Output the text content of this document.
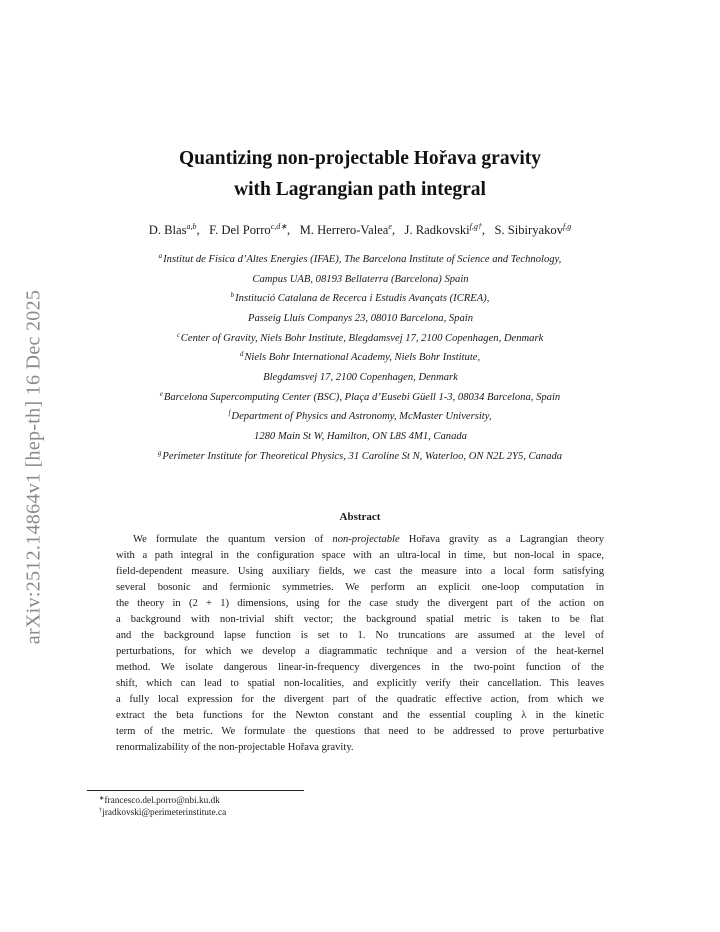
arXiv:2512.14864v1 [hep-th] 16 Dec 2025
Quantizing non-projectable Hořava gravity
with Lagrangian path integral
D. Blas$^{a,b}$,   F. Del Porro$^{c,d∗}$,   M. Herrero-Valea$^e$,   J. Radkovski$^{f,g\dagger}$,   S. Sibiryakov$^{f,g}$
$^a$Institut de Fisica d’Altes Energies (IFAE), The Barcelona Institute of Science and Technology,
Campus UAB, 08193 Bellaterra (Barcelona) Spain
$^b$Institució Catalana de Recerca i Estudis Avançats (ICREA),
Passeig Lluís Companys 23, 08010 Barcelona, Spain
$^c$Center of Gravity, Niels Bohr Institute, Blegdamsvej 17, 2100 Copenhagen, Denmark
$^d$Niels Bohr International Academy, Niels Bohr Institute,
Blegdamsvej 17, 2100 Copenhagen, Denmark
$^e$Barcelona Supercomputing Center (BSC), Plaça d’Eusebi Güell 1-3, 08034 Barcelona, Spain
$^f$Department of Physics and Astronomy, McMaster University,
1280 Main St W, Hamilton, ON L8S 4M1, Canada
$^g$Perimeter Institute for Theoretical Physics, 31 Caroline St N, Waterloo, ON N2L 2Y5, Canada
Abstract
We formulate the quantum version of non-projectable Hořava gravity as a Lagrangian theory
with a path integral in the configuration space with an ultra-local in time, but non-local in space,
field-dependent measure. Using auxiliary fields, we cast the measure into a local form satisfying
several bosonic and fermionic symmetries. We perform an explicit one-loop computation in
the theory in (2 + 1) dimensions, using for the case study the divergent part of the action on
a background with non-trivial shift vector; the background spatial metric is taken to be flat
and the background lapse function is set to 1. No truncations are assumed at the level of
perturbations, for which we develop a diagrammatic technique and a version of the heat-kernel
method. We isolate dangerous linear-in-frequency divergences in the two-point function of the
shift, which can lead to spatial non-localities, and explicitly verify their cancellation. This leaves
a fully local expression for the divergent part of the quadratic effective action, from which we
extract the beta functions for the Newton constant and the essential coupling λ in the kinetic
term of the metric. We formulate the questions that need to be addressed to prove perturbative
renormalizability of the non-projectable Hořava gravity.
∗francesco.del.porro@nbi.ku.dk
†jradkovski@perimeterinstitute.ca
